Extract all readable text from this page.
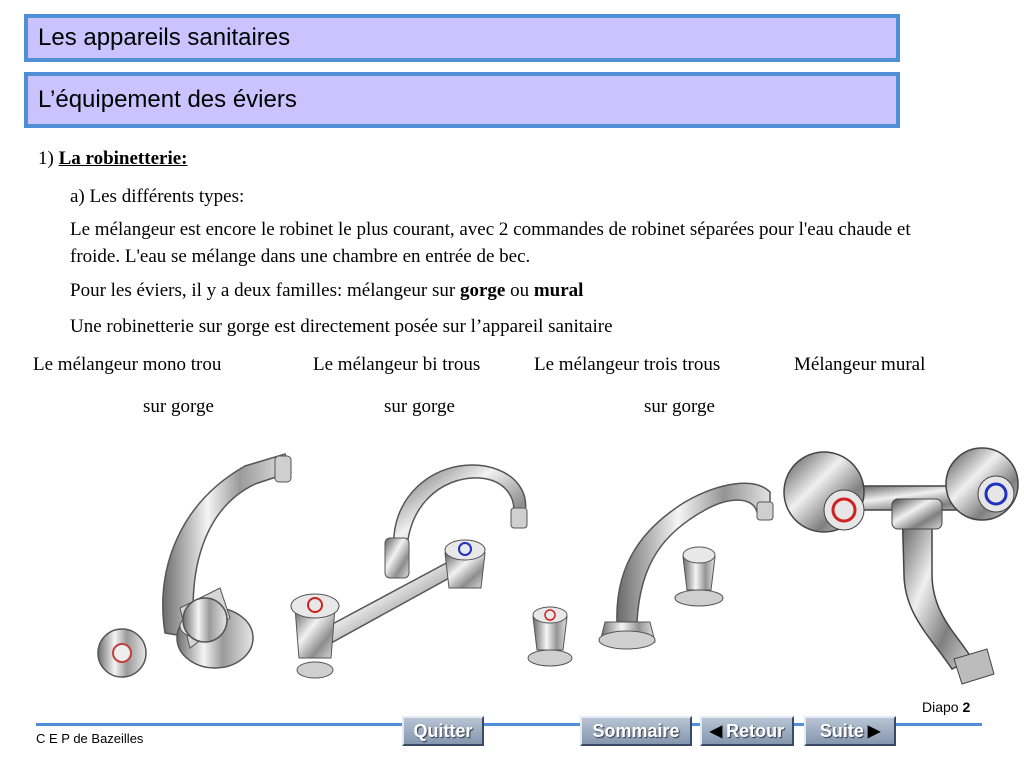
Les appareils sanitaires
L’équipement des éviers
1) La robinetterie:
a) Les différents types:
Le mélangeur est encore le robinet le plus courant, avec 2 commandes de robinet séparées pour l'eau chaude et froide. L'eau se mélange dans une chambre en entrée de bec.
Pour les éviers, il y a deux familles: mélangeur sur gorge ou mural
Une robinetterie sur gorge est directement posée sur l’appareil sanitaire
Le mélangeur mono trou
sur gorge
Le mélangeur bi trous
sur gorge
Le mélangeur trois trous
sur gorge
Mélangeur mural
Diapo 2
C E P de Bazeilles	Quitter	Sommaire ◀ Retour Suite ▶
